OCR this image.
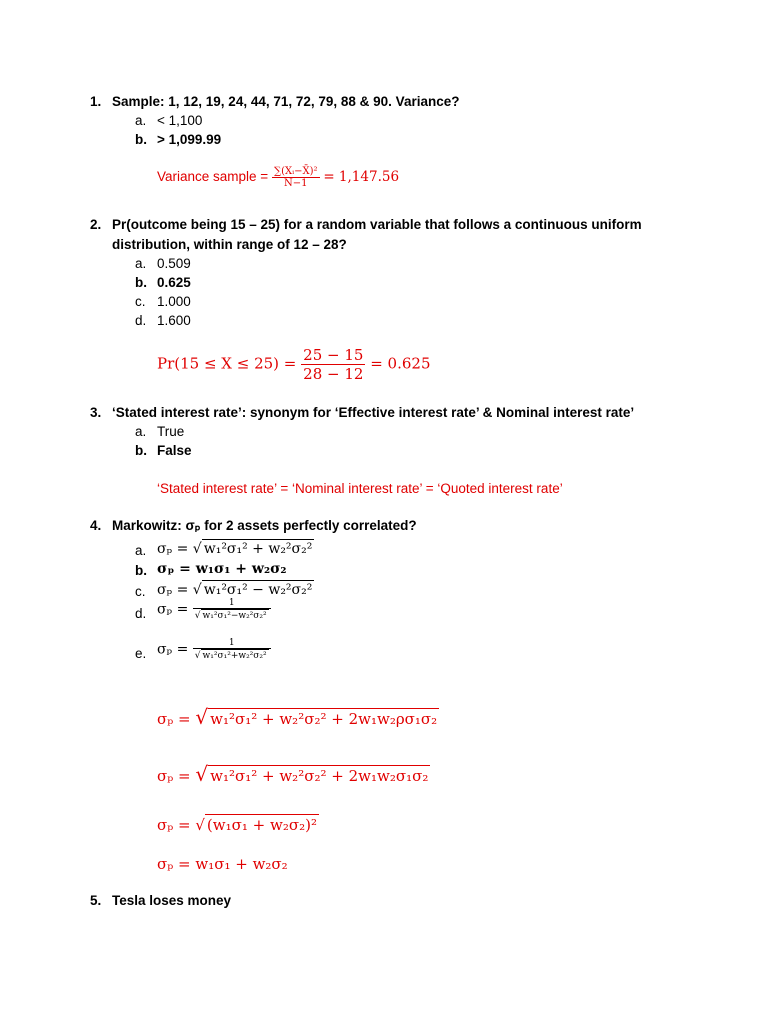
1. Sample: 1, 12, 19, 24, 44, 71, 72, 79, 88 & 90. Variance?
a. < 1,100
b. > 1,099.99
Variance sample = $\frac{\text{∑(Xᵢ−X̄)²}}{N-1} = 1,147.56$
2. Pr(outcome being 15 – 25) for a random variable that follows a continuous uniform
distribution, within range of 12 – 28?
a. 0.509
b. 0.625
c. 1.000
d. 1.600
$Pr(15 \le X \le 25) = \frac{25 - 15}{28 - 12} = 0.625$
3. ‘Stated interest rate’: synonym for ‘Effective interest rate’ & Nominal interest rate’
a. True
b. False
‘Stated interest rate’ = ‘Nominal interest rate’ = ‘Quoted interest rate’
4. Markowitz: σₚ for 2 assets perfectly correlated?
a. σₚ = √ w₁²σ₁² + w₂²σ₂²
b. σₚ = w₁σ₁ + w₂σ₂
c. σₚ = √ w₁²σ₁² − w₂²σ₂²
d. $\sigma_p = \frac{1}{\text{√ w₁²σ₁²−w₂²σ₂²}}$
e. $\sigma_p = \frac{1}{\text{√ w₁²σ₁²+w₂²σ₂²}}$
σₚ = √ w₁²σ₁² + w₂²σ₂² + 2w₁w₂ρσ₁σ₂
σₚ = √ w₁²σ₁² + w₂²σ₂² + 2w₁w₂σ₁σ₂
σₚ = √ (w₁σ₁ + w₂σ₂)²
σₚ = w₁σ₁ + w₂σ₂
5. Tesla loses money
